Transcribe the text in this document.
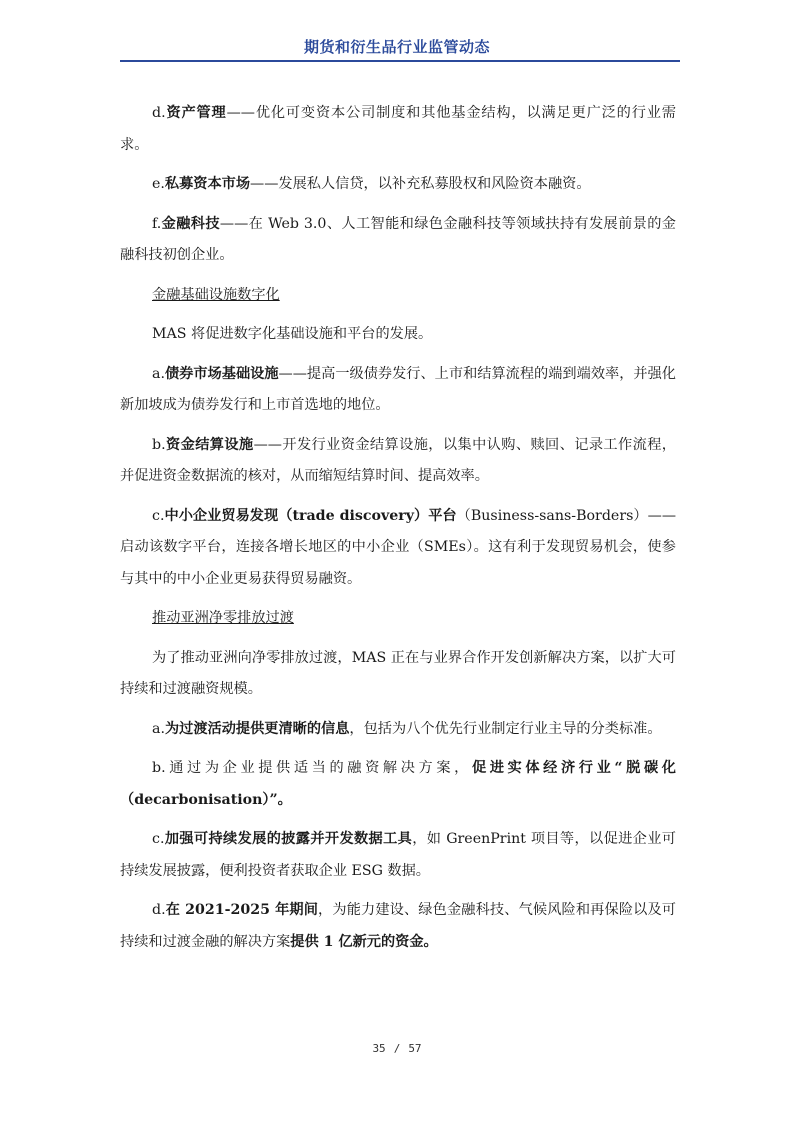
期货和衍生品行业监管动态

d.资产管理——优化可变资本公司制度和其他基金结构，以满足更广泛的行业需求。

e.私募资本市场——发展私人信贷，以补充私募股权和风险资本融资。

f.金融科技——在 Web 3.0、人工智能和绿色金融科技等领域扶持有发展前景的金融科技初创企业。

金融基础设施数字化

MAS 将促进数字化基础设施和平台的发展。

a.债券市场基础设施——提高一级债券发行、上市和结算流程的端到端效率，并强化新加坡成为债券发行和上市首选地的地位。

b.资金结算设施——开发行业资金结算设施，以集中认购、赎回、记录工作流程，并促进资金数据流的核对，从而缩短结算时间、提高效率。

c.中小企业贸易发现（trade discovery）平台（Business-sans-Borders）——启动该数字平台，连接各增长地区的中小企业（SMEs）。这有利于发现贸易机会，使参与其中的中小企业更易获得贸易融资。

推动亚洲净零排放过渡

为了推动亚洲向净零排放过渡，MAS 正在与业界合作开发创新解决方案，以扩大可持续和过渡融资规模。

a.为过渡活动提供更清晰的信息，包括为八个优先行业制定行业主导的分类标准。

b.通过为企业提供适当的融资解决方案，促进实体经济行业“脱碳化（decarbonisation）”。

c.加强可持续发展的披露并开发数据工具，如 GreenPrint 项目等，以促进企业可持续发展披露，便利投资者获取企业 ESG 数据。

d.在 2021-2025 年期间，为能力建设、绿色金融科技、气候风险和再保险以及可持续和过渡金融的解决方案提供 1 亿新元的资金。

35 / 57
